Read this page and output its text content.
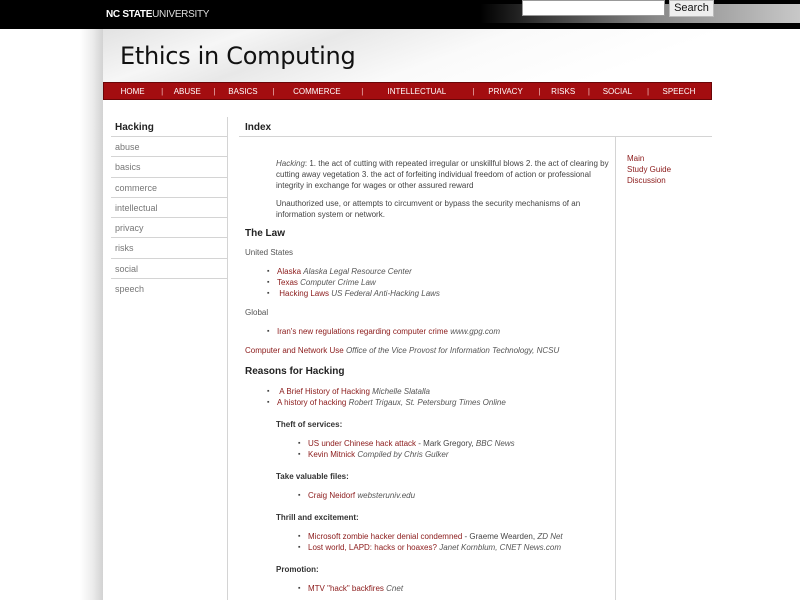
NC STATEUNIVERSITY
Search
Ethics in Computing
HOME	|	ABUSE	|	BASICS	|	COMMERCE	|	INTELLECTUAL	|	PRIVACY	|	RISKS	|	SOCIAL	|	SPEECH
Hacking
abuse
basics
commerce
intellectual
privacy
risks
social
speech
Index
Main
Study Guide
Discussion

Hacking: 1. the act of cutting with repeated irregular or unskillful blows 2. the act of clearing by cutting away vegetation 3. the act of forfeiting individual freedom of action or professional integrity in exchange for wages or other assured reward

Unauthorized use, or attempts to circumvent or bypass the security mechanisms of an information system or network.

The Law

United States

▪ Alaska Alaska Legal Resource Center
▪ Texas Computer Crime Law
▪ Hacking Laws US Federal Anti-Hacking Laws

Global

▪ Iran's new regulations regarding computer crime www.gpg.com

Computer and Network Use Office of the Vice Provost for Information Technology, NCSU

Reasons for Hacking
▪ A Brief History of Hacking Michelle Slatalla
▪ A history of hacking Robert Trigaux, St. Petersburg Times Online

Theft of services:

▪ US under Chinese hack attack - Mark Gregory, BBC News
▪ Kevin Mitnick Compiled by Chris Gulker

Take valuable files:

▪ Craig Neidorf websteruniv.edu

Thrill and excitement:

▪ Microsoft zombie hacker denial condemned - Graeme Wearden, ZD Net
▪ Lost world, LAPD: hacks or hoaxes? Janet Kornblum, CNET News.com

Promotion:

▪ MTV "hack" backfires Cnet
